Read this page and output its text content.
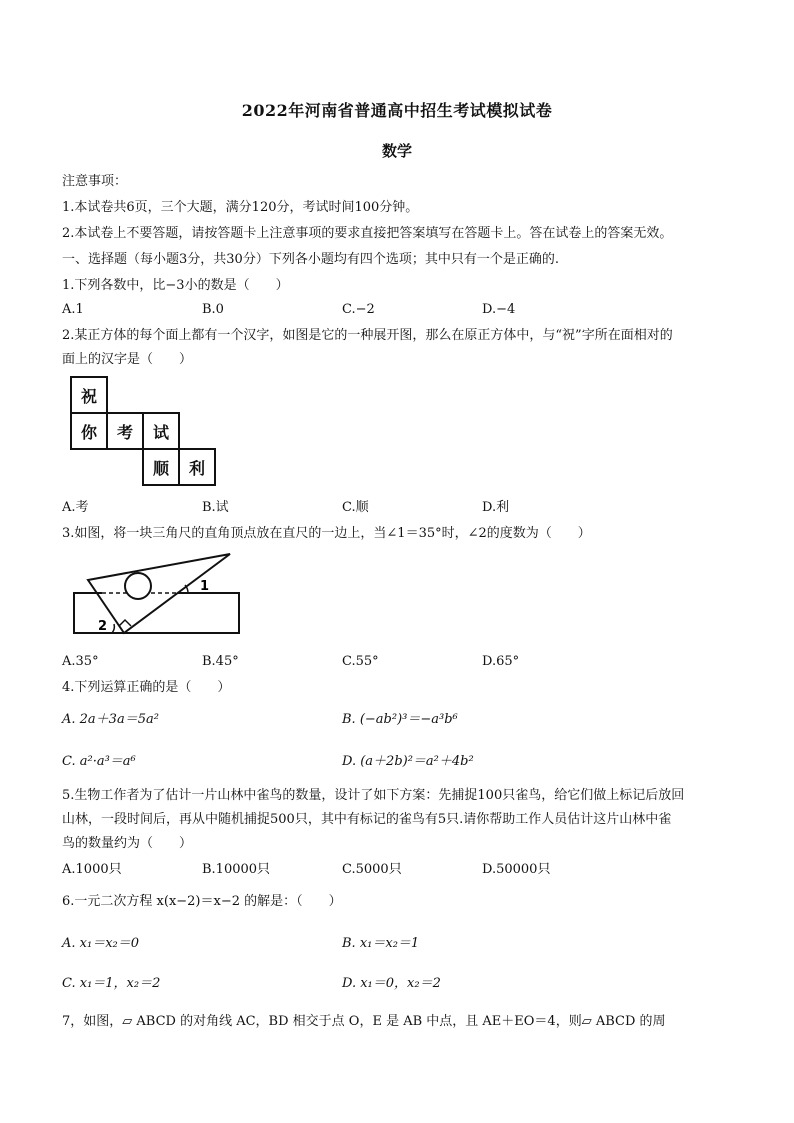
2022年河南省普通高中招生考试模拟试卷
数学
注意事项：
1.本试卷共6页，三个大题，满分120分，考试时间100分钟。
2.本试卷上不要答题，请按答题卡上注意事项的要求直接把答案填写在答题卡上。答在试卷上的答案无效。
一、选择题（每小题3分，共30分）下列各小题均有四个选项；其中只有一个是正确的.
1.下列各数中，比−3小的数是（　　）
A.1	B.0	C.−2	D.−4
2.某正方体的每个面上都有一个汉字，如图是它的一种展开图，那么在原正方体中，与“祝”字所在面相对的
面上的汉字是（　　）
祝			
你	考	试	
		顺	利
A.考	B.试	C.顺	D.利
3.如图，将一块三角尺的直角顶点放在直尺的一边上，当∠1＝35°时，∠2的度数为（　　）
1
2
A.35°	B.45°	C.55°	D.65°
4.下列运算正确的是（　　）
A. 2a＋3a＝5a²	B. (−ab²)³＝−a³b⁶
C. a²·a³＝a⁶	D. (a＋2b)²＝a²＋4b²
5.生物工作者为了估计一片山林中雀鸟的数量，设计了如下方案：先捕捉100只雀鸟，给它们做上标记后放回
山林，一段时间后，再从中随机捕捉500只，其中有标记的雀鸟有5只.请你帮助工作人员估计这片山林中雀
鸟的数量约为（　　）
A.1000只	B.10000只	C.5000只	D.50000只
6.一元二次方程 x(x−2)＝x−2 的解是：（　　）
A. x₁＝x₂＝0	B. x₁＝x₂＝1
C. x₁＝1，x₂＝2	D. x₁＝0，x₂＝2
7，如图，▱ ABCD 的对角线 AC，BD 相交于点 O，E 是 AB 中点，且 AE＋EO＝4，则▱ ABCD 的周
